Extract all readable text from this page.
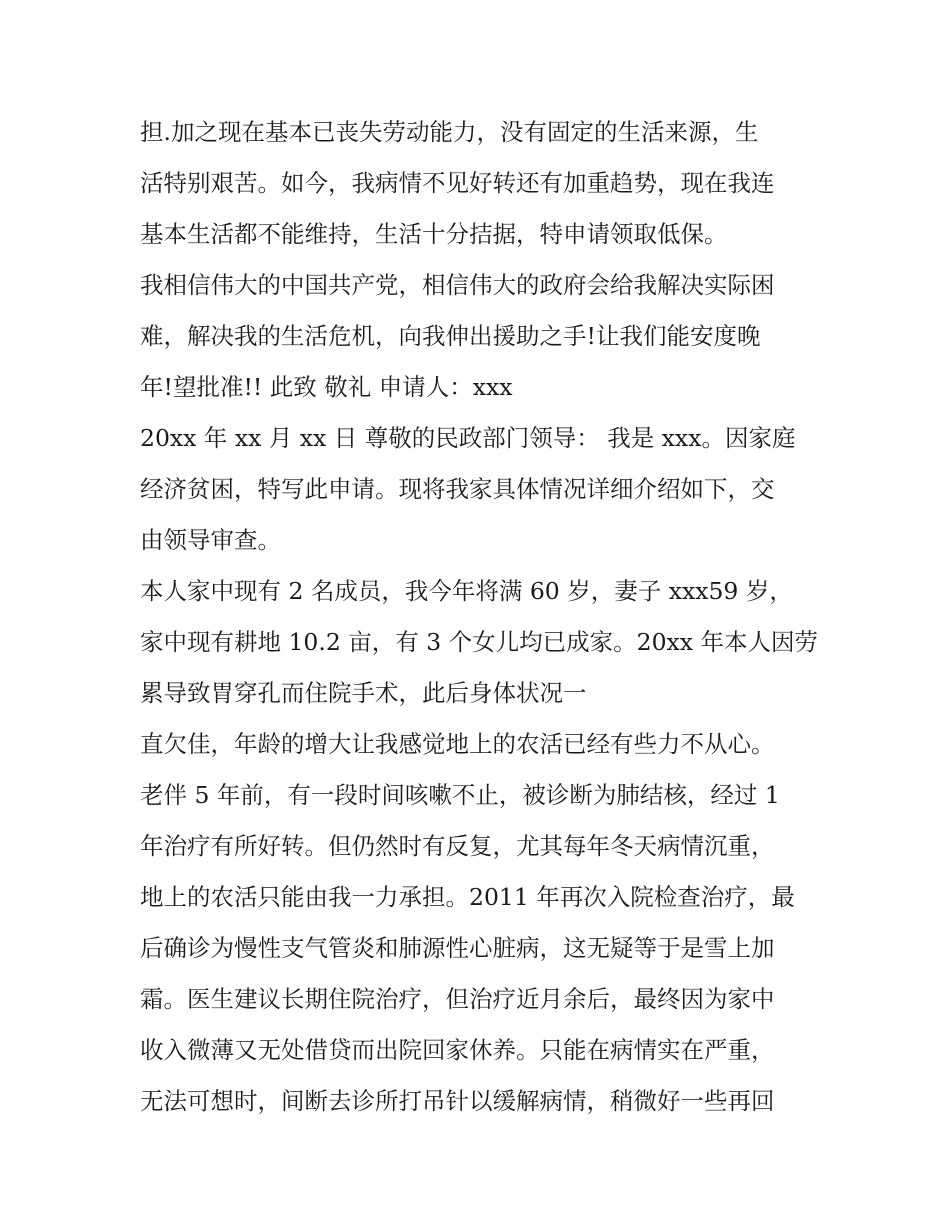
担.加之现在基本已丧失劳动能力，没有固定的生活来源，生
活特别艰苦。如今，我病情不见好转还有加重趋势，现在我连
基本生活都不能维持，生活十分拮据，特申请领取低保。
我相信伟大的中国共产党，相信伟大的政府会给我解决实际困
难，解决我的生活危机，向我伸出援助之手!让我们能安度晚
年!望批准!! 此致 敬礼 申请人：xxx
20xx 年 xx 月 xx 日 尊敬的民政部门领导： 我是 xxx。因家庭
经济贫困，特写此申请。现将我家具体情况详细介绍如下，交
由领导审查。
本人家中现有 2 名成员，我今年将满 60 岁，妻子 xxx59 岁，
家中现有耕地 10.2 亩，有 3 个女儿均已成家。20xx 年本人因劳
累导致胃穿孔而住院手术，此后身体状况一
直欠佳，年龄的增大让我感觉地上的农活已经有些力不从心。
老伴 5 年前，有一段时间咳嗽不止，被诊断为肺结核，经过 1
年治疗有所好转。但仍然时有反复，尤其每年冬天病情沉重，
地上的农活只能由我一力承担。2011 年再次入院检查治疗，最
后确诊为慢性支气管炎和肺源性心脏病，这无疑等于是雪上加
霜。医生建议长期住院治疗，但治疗近月余后，最终因为家中
收入微薄又无处借贷而出院回家休养。只能在病情实在严重，
无法可想时，间断去诊所打吊针以缓解病情，稍微好一些再回
